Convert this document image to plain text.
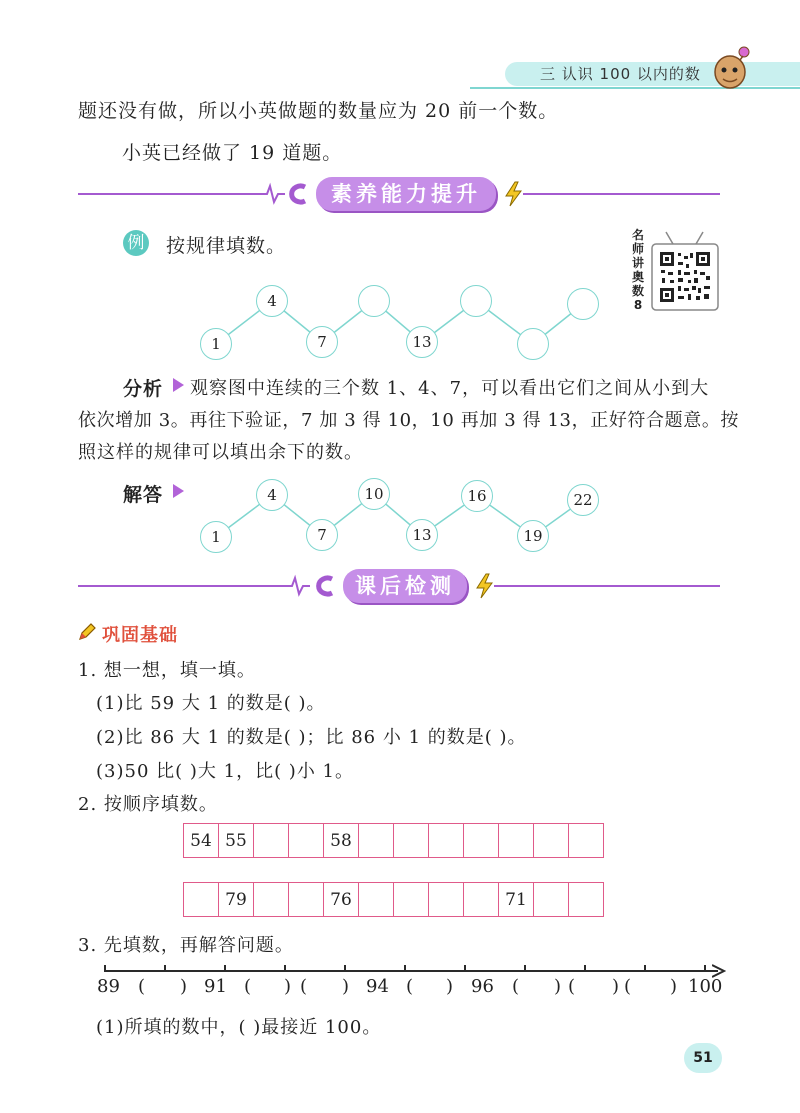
三 认识 100 以内的数
题还没有做，所以小英做题的数量应为 20 前一个数。
小英已经做了 19 道题。
素养能力提升
例 按规律填数。	名
师
讲
奥
数
8
1
4
7	13
分析 观察图中连续的三个数 1、4、7，可以看出它们之间从小到大
依次增加 3。再往下验证，7 加 3 得 10，10 再加 3 得 13，正好符合题意。按
照这样的规律可以填出余下的数。
解答
1
4
7
10
13
16
19
22
课后检测
巩固基础
1. 想一想，填一填。
(1)比 59 大 1 的数是( )。
(2)比 86 大 1 的数是( )；比 86 小 1 的数是( )。
(3)50 比( )大 1，比( )小 1。
2. 按顺序填数。
54	55			58							
	79			76					71		
3. 先填数，再解答问题。
89 ( ) 91 ( ) ( ) 94 ( ) 96 ( ) ( ) ( ) 100
(1)所填的数中，( )最接近 100。
51
